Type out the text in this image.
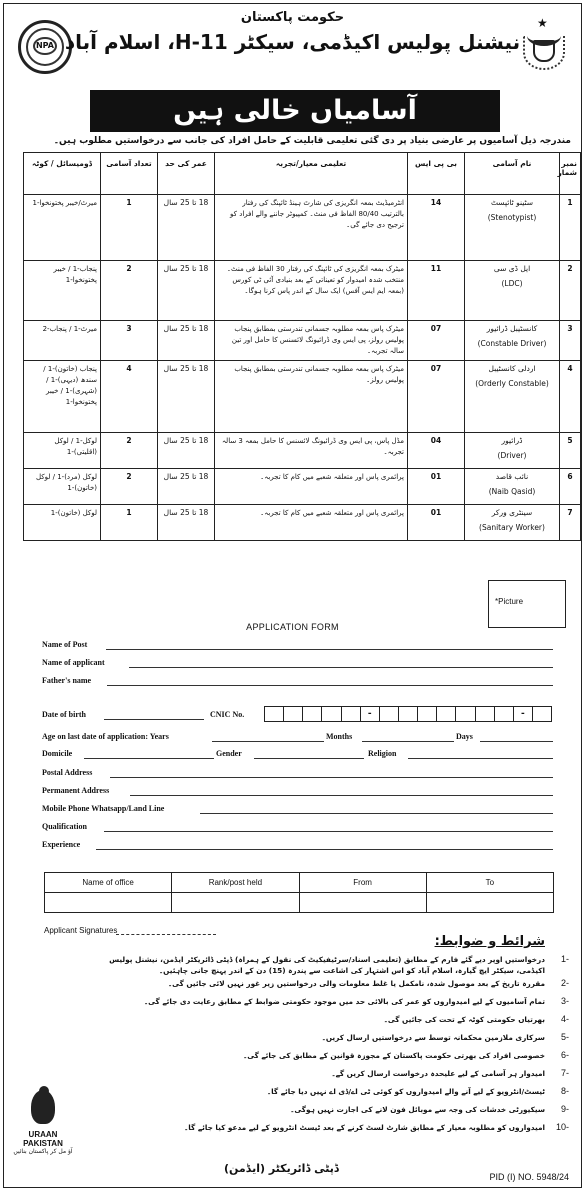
NPA
حکومت پاکستان
نیشنل پولیس اکیڈمی، سیکٹر H-11، اسلام آباد
★
آسامیاں خالی ہیں
مندرجہ ذیل آسامیوں پر عارضی بنیاد پر دی گئی تعلیمی قابلیت کے حامل افراد کی جانب سے درخواستیں مطلوب ہیں۔
نمبر شمار	نام آسامی	بی پی ایس	تعلیمی معیار/تجربہ	عمر کی حد	تعداد آسامی	ڈومیسائل / کوٹہ
1	سٹینو ٹائپسٹ
(Stenotypist)	14	انٹرمیڈیٹ بمعہ انگریزی کی شارٹ ہینڈ ٹائپنگ کی رفتار بالترتیب 80/40 الفاظ فی منٹ۔ کمپیوٹر جاننے والے افراد کو ترجیح دی جائے گی۔	18 تا 25 سال	1	میرٹ/خیبر پختونخوا-1
2	ایل ڈی سی
(LDC)	11	میٹرک بمعہ انگریزی کی ٹائپنگ کی رفتار 30 الفاظ فی منٹ۔ منتخب شدہ امیدوار کو تعیناتی کے بعد بنیادی آئی ٹی کورس (بمعہ ایم ایس آفس) ایک سال کے اندر پاس کرنا ہوگا۔	18 تا 25 سال	2	پنجاب-1 / خیبر پختونخوا-1
3	کانسٹیبل ڈرائیور
(Constable Driver)	07	میٹرک پاس بمعہ مطلوبہ جسمانی تندرستی بمطابق پنجاب پولیس رولز، پی ایس وی ڈرائیونگ لائسنس کا حامل اور تین سالہ تجربہ۔	18 تا 25 سال	3	میرٹ-1 / پنجاب-2
4	اردلی کانسٹیبل
(Orderly Constable)	07	میٹرک پاس بمعہ مطلوبہ جسمانی تندرستی بمطابق پنجاب پولیس رولز۔	18 تا 25 سال	4	پنجاب (خاتون)-1 / سندھ (دیہی)-1 / (شہری)-1 / خیبر پختونخوا-1
5	ڈرائیور
(Driver)	04	مڈل پاس، پی ایس وی ڈرائیونگ لائسنس کا حامل بمعہ 3 سالہ تجربہ۔	18 تا 25 سال	2	لوکل-1 / لوکل (اقلیتی)-1
6	نائب قاصد
(Naib Qasid)	01	پرائمری پاس اور متعلقہ شعبے میں کام کا تجربہ۔	18 تا 25 سال	2	لوکل (مرد)-1 / لوکل (خاتون)-1
7	سینٹری ورکر
(Sanitary Worker)	01	پرائمری پاس اور متعلقہ شعبے میں کام کا تجربہ۔	18 تا 25 سال	1	لوکل (خاتون)-1
*Picture
APPLICATION FORM
Name of Post
Name of applicant
Father's name
Date of birth	CNIC No.	-	-
Age on last date of application: Years	Months	Days
Domicile	Gender	Religion
Postal Address
Permanent Address
Mobile Phone Whatsapp/Land Line
Qualification
Experience
Name of office	Rank/post held	From	To

Applicant Signatures
شرائط و ضوابط:
1-
درخواستیں اوپر دیے گئے فارم کے مطابق (تعلیمی اسناد/سرٹیفیکیٹ کی نقول کے ہمراہ) ڈپٹی ڈائریکٹر ایڈمن، نیشنل پولیس اکیڈمی، سیکٹر ایچ گیارہ، اسلام آباد کو اس اشتہار کی اشاعت سے پندرہ (15) دن کے اندر پہنچ جانی چاہئیں۔
2-
مقررہ تاریخ کے بعد موصول شدہ، نامکمل یا غلط معلومات والی درخواستیں زیر غور نہیں لائی جائیں گی۔
3-
تمام آسامیوں کے لیے امیدواروں کو عمر کی بالائی حد میں موجود حکومتی ضوابط کے مطابق رعایت دی جائے گی۔
4-
بھرتیاں حکومتی کوٹہ کے تحت کی جائیں گی۔
5-
سرکاری ملازمین محکمانہ توسط سے درخواستیں ارسال کریں۔
6-
خصوصی افراد کی بھرتی حکومت پاکستان کے مجوزہ قوانین کے مطابق کی جائے گی۔
7-
امیدوار ہر آسامی کے لیے علیحدہ درخواست ارسال کریں گے۔
8-
ٹیسٹ/انٹرویو کے لیے آنے والے امیدواروں کو کوئی ٹی اے/ڈی اے نہیں دیا جائے گا۔
9-
سیکیورٹی خدشات کی وجہ سے موبائل فون لانے کی اجازت نہیں ہوگی۔
10-
امیدواروں کو مطلوبہ معیار کے مطابق شارٹ لسٹ کرنے کے بعد ٹیسٹ انٹرویو کے لیے مدعو کیا جائے گا۔
URAAN
PAKISTAN
آؤ مل کر پاکستان بنائیں
ڈپٹی ڈائریکٹر (ایڈمن)
PID (I) NO. 5948/24
